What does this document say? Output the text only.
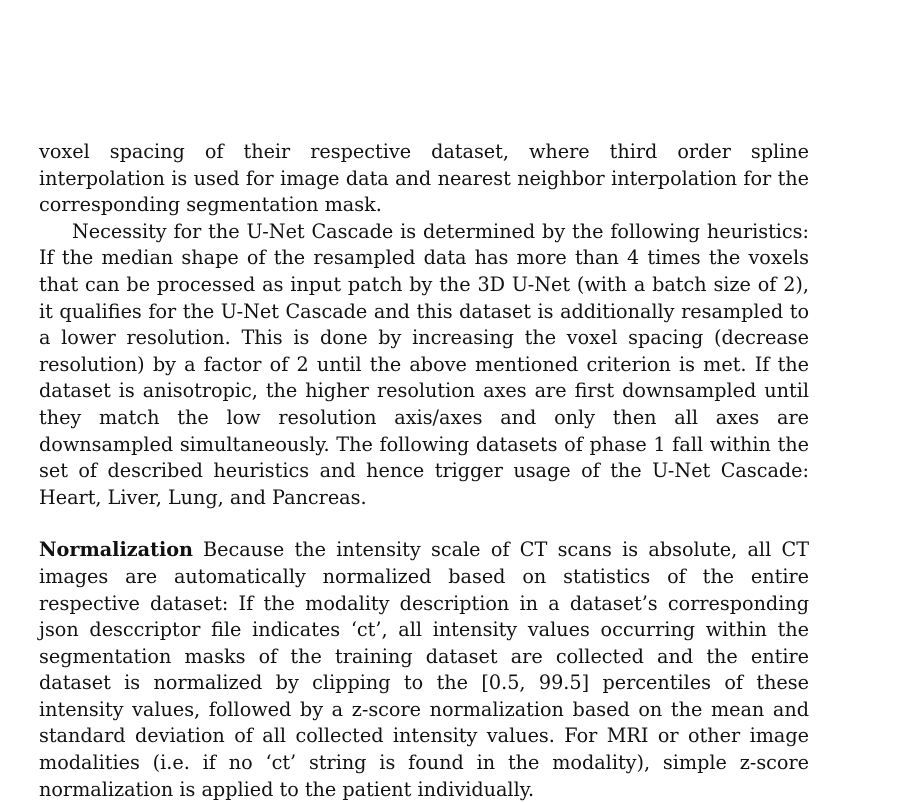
voxel spacing of their respective dataset, where third order spline interpolation is used for image data and nearest neighbor interpolation for the corresponding segmentation mask.

Necessity for the U-Net Cascade is determined by the following heuristics: If the median shape of the resampled data has more than 4 times the voxels that can be processed as input patch by the 3D U-Net (with a batch size of 2), it qualifies for the U-Net Cascade and this dataset is additionally resampled to a lower resolution. This is done by increasing the voxel spacing (decrease resolution) by a factor of 2 until the above mentioned criterion is met. If the dataset is anisotropic, the higher resolution axes are first downsampled until they match the low resolution axis/axes and only then all axes are downsampled simultaneously. The following datasets of phase 1 fall within the set of described heuristics and hence trigger usage of the U-Net Cascade: Heart, Liver, Lung, and Pancreas.

Normalization Because the intensity scale of CT scans is absolute, all CT images are automatically normalized based on statistics of the entire respective dataset: If the modality description in a dataset’s corresponding json desccriptor file indicates ‘ct’, all intensity values occurring within the segmentation masks of the training dataset are collected and the entire dataset is normalized by clipping to the [0.5, 99.5] percentiles of these intensity values, followed by a z-score normalization based on the mean and standard deviation of all collected intensity values. For MRI or other image modalities (i.e. if no ‘ct’ string is found in the modality), simple z-score normalization is applied to the patient individually.
